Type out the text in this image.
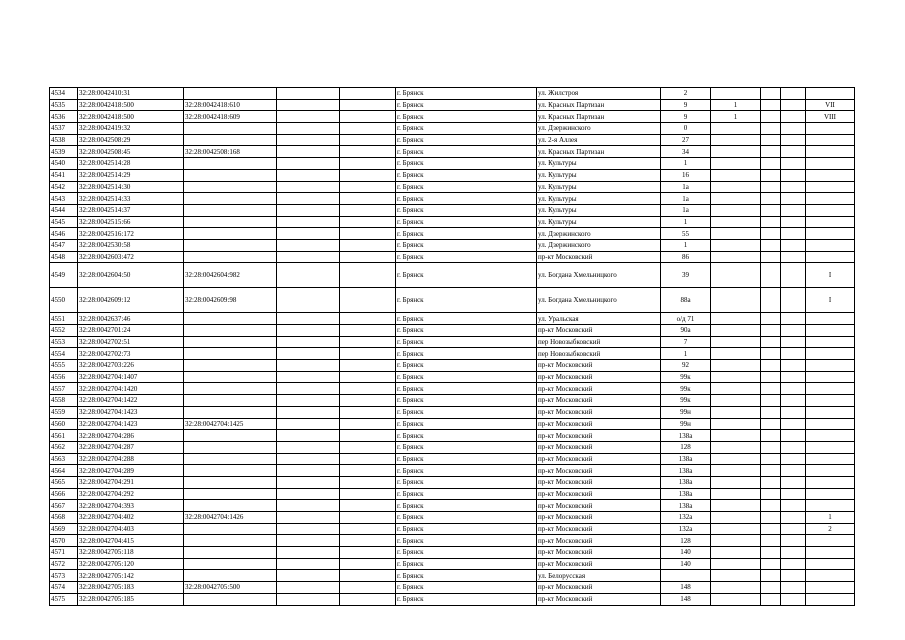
4534	32:28:0042410:31				г. Брянск	ул. Жилстроя	2				
4535	32:28:0042418:500	32:28:0042418:610			г. Брянск	ул. Красных Партизан	9	1			VII
4536	32:28:0042418:500	32:28:0042418:609			г. Брянск	ул. Красных Партизан	9	1			VIII
4537	32:28:0042419:32				г. Брянск	ул. Дзержинского	0				
4538	32:28:0042508:29				г. Брянск	ул. 2-я Аллея	27				
4539	32:28:0042508:45	32:28:0042508:168			г. Брянск	ул. Красных Партизан	34				
4540	32:28:0042514:28				г. Брянск	ул. Культуры	1				
4541	32:28:0042514:29				г. Брянск	ул. Культуры	16				
4542	32:28:0042514:30				г. Брянск	ул. Культуры	1а				
4543	32:28:0042514:33				г. Брянск	ул. Культуры	1а				
4544	32:28:0042514:37				г. Брянск	ул. Культуры	1а				
4545	32:28:0042515:66				г. Брянск	ул. Культуры	1				
4546	32:28:0042516:172				г. Брянск	ул. Дзержинского	55				
4547	32:28:0042530:58				г. Брянск	ул. Дзержинского	1				
4548	32:28:0042603:472				г. Брянск	пр-кт Московский	86				
4549	32:28:0042604:50	32:28:0042604:982			г. Брянск	ул. Богдана Хмельницкого	39				I
4550	32:28:0042609:12	32:28:0042609:98			г. Брянск	ул. Богдана Хмельницкого	88а				I
4551	32:28:0042637:46				г. Брянск	ул. Уральская	о/д 71				
4552	32:28:0042701:24				г. Брянск	пр-кт Московский	90а				
4553	32:28:0042702:51				г. Брянск	пер Новозыбковский	7				
4554	32:28:0042702:73				г. Брянск	пер Новозыбковский	1				
4555	32:28:0042703:226				г. Брянск	пр-кт Московский	92				
4556	32:28:0042704:1407				г. Брянск	пр-кт Московский	99к				
4557	32:28:0042704:1420				г. Брянск	пр-кт Московский	99к				
4558	32:28:0042704:1422				г. Брянск	пр-кт Московский	99к				
4559	32:28:0042704:1423				г. Брянск	пр-кт Московский	99н				
4560	32:28:0042704:1423	32:28:0042704:1425			г. Брянск	пр-кт Московский	99н				
4561	32:28:0042704:286				г. Брянск	пр-кт Московский	138а				
4562	32:28:0042704:287				г. Брянск	пр-кт Московский	128				
4563	32:28:0042704:288				г. Брянск	пр-кт Московский	138а				
4564	32:28:0042704:289				г. Брянск	пр-кт Московский	138а				
4565	32:28:0042704:291				г. Брянск	пр-кт Московский	138а				
4566	32:28:0042704:292				г. Брянск	пр-кт Московский	138а				
4567	32:28:0042704:393				г. Брянск	пр-кт Московский	138а				
4568	32:28:0042704:402	32:28:0042704:1426			г. Брянск	пр-кт Московский	132а				1
4569	32:28:0042704:403				г. Брянск	пр-кт Московский	132а				2
4570	32:28:0042704:415				г. Брянск	пр-кт Московский	128				
4571	32:28:0042705:118				г. Брянск	пр-кт Московский	140				
4572	32:28:0042705:120				г. Брянск	пр-кт Московский	140				
4573	32:28:0042705:142				г. Брянск	ул. Белорусская					
4574	32:28:0042705:183	32:28:0042705:500			г. Брянск	пр-кт Московский	148				
4575	32:28:0042705:185				г. Брянск	пр-кт Московский	148				
